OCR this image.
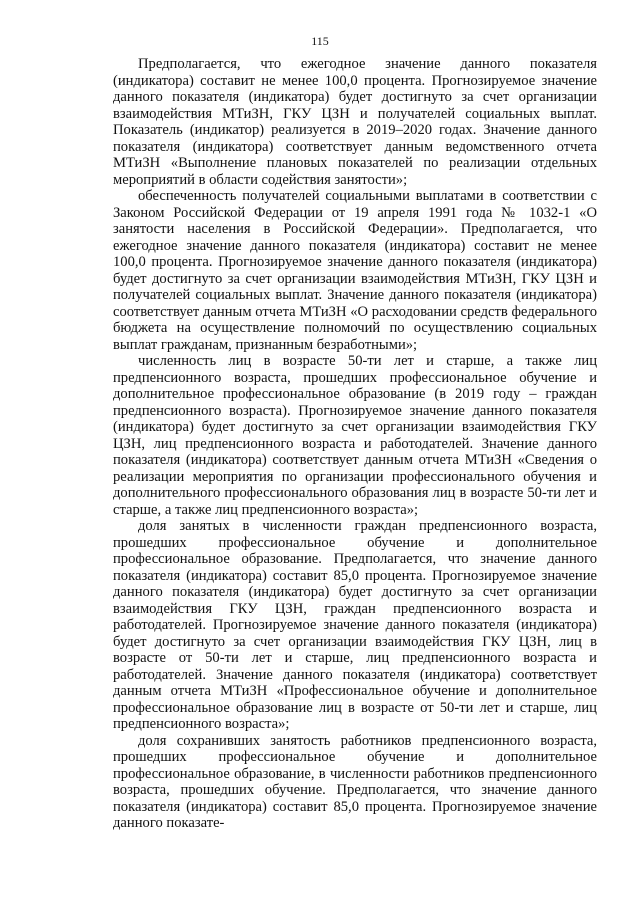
115

Предполагается, что ежегодное значение данного показателя (индикатора) составит не менее 100,0 процента. Прогнозируемое значение данного показателя (индикатора) будет достигнуто за счет организации взаимодействия МТиЗН, ГКУ ЦЗН и получателей социальных выплат. Показатель (индикатор) реализуется в 2019–2020 годах. Значение данного показателя (индикатора) соответствует данным ведомственного отчета МТиЗН «Выполнение плановых показателей по реализации отдельных мероприятий в области содействия занятости»;

обеспеченность получателей социальными выплатами в соответствии с Законом Российской Федерации от 19 апреля 1991 года № 1032-1 «О занятости населения в Российской Федерации». Предполагается, что ежегодное значение данного показателя (индикатора) составит не менее 100,0 процента. Прогнозируемое значение данного показателя (индикатора) будет достигнуто за счет организации взаимодействия МТиЗН, ГКУ ЦЗН и получателей социальных выплат. Значение данного показателя (индикатора) соответствует данным отчета МТиЗН «О расходовании средств федерального бюджета на осуществление полномочий по осуществлению социальных выплат гражданам, признанным безработными»;

численность лиц в возрасте 50-ти лет и старше, а также лиц предпенсионного возраста, прошедших профессиональное обучение и дополнительное профессиональное образование (в 2019 году – граждан предпенсионного возраста). Прогнозируемое значение данного показателя (индикатора) будет достигнуто за счет организации взаимодействия ГКУ ЦЗН, лиц предпенсионного возраста и работодателей. Значение данного показателя (индикатора) соответствует данным отчета МТиЗН «Сведения о реализации мероприятия по организации профессионального обучения и дополнительного профессионального образования лиц в возрасте 50-ти лет и старше, а также лиц предпенсионного возраста»;

доля занятых в численности граждан предпенсионного возраста, прошедших профессиональное обучение и дополнительное профессиональное образование. Предполагается, что значение данного показателя (индикатора) составит 85,0 процента. Прогнозируемое значение данного показателя (индикатора) будет достигнуто за счет организации взаимодействия ГКУ ЦЗН, граждан предпенсионного возраста и работодателей. Прогнозируемое значение данного показателя (индикатора) будет достигнуто за счет организации взаимодействия ГКУ ЦЗН, лиц в возрасте от 50-ти лет и старше, лиц предпенсионного возраста и работодателей. Значение данного показателя (индикатора) соответствует данным отчета МТиЗН «Профессиональное обучение и дополнительное профессиональное образование лиц в возрасте от 50-ти лет и старше, лиц предпенсионного возраста»;

доля сохранивших занятость работников предпенсионного возраста, прошедших профессиональное обучение и дополнительное профессиональное образование, в численности работников предпенсионного возраста, прошедших обучение. Предполагается, что значение данного показателя (индикатора) составит 85,0 процента. Прогнозируемое значение данного показате-
